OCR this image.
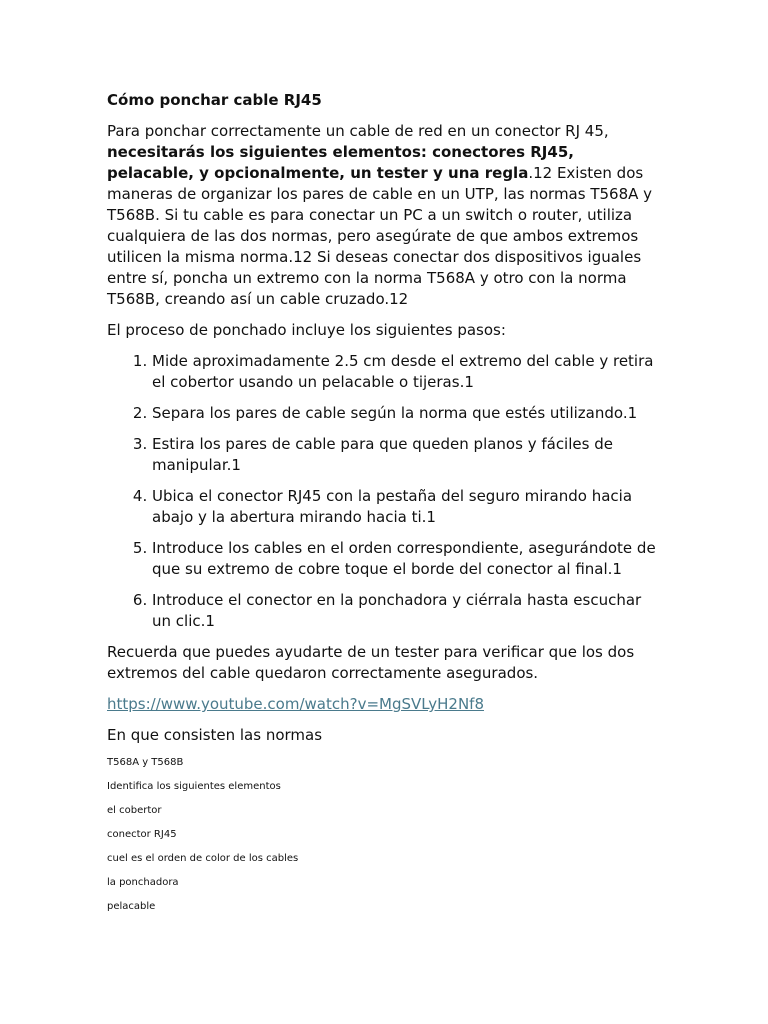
Cómo ponchar cable RJ45

Para ponchar correctamente un cable de red en un conector RJ 45, necesitarás los siguientes elementos: conectores RJ45, pelacable, y opcionalmente, un tester y una regla.12 Existen dos maneras de organizar los pares de cable en un UTP, las normas T568A y T568B. Si tu cable es para conectar un PC a un switch o router, utiliza cualquiera de las dos normas, pero asegúrate de que ambos extremos utilicen la misma norma.12 Si deseas conectar dos dispositivos iguales entre sí, poncha un extremo con la norma T568A y otro con la norma T568B, creando así un cable cruzado.12

El proceso de ponchado incluye los siguientes pasos:

1. Mide aproximadamente 2.5 cm desde el extremo del cable y retira el cobertor usando un pelacable o tijeras.1
2. Separa los pares de cable según la norma que estés utilizando.1
3. Estira los pares de cable para que queden planos y fáciles de manipular.1
4. Ubica el conector RJ45 con la pestaña del seguro mirando hacia abajo y la abertura mirando hacia ti.1
5. Introduce los cables en el orden correspondiente, asegurándote de que su extremo de cobre toque el borde del conector al final.1
6. Introduce el conector en la ponchadora y ciérrala hasta escuchar un clic.1

Recuerda que puedes ayudarte de un tester para verificar que los dos extremos del cable quedaron correctamente asegurados.

https://www.youtube.com/watch?v=MgSVLyH2Nf8

En que consisten las normas

T568A y T568B

Identifica los siguientes elementos

el cobertor

conector RJ45

cuel es el orden de color de los cables

la ponchadora

pelacable
